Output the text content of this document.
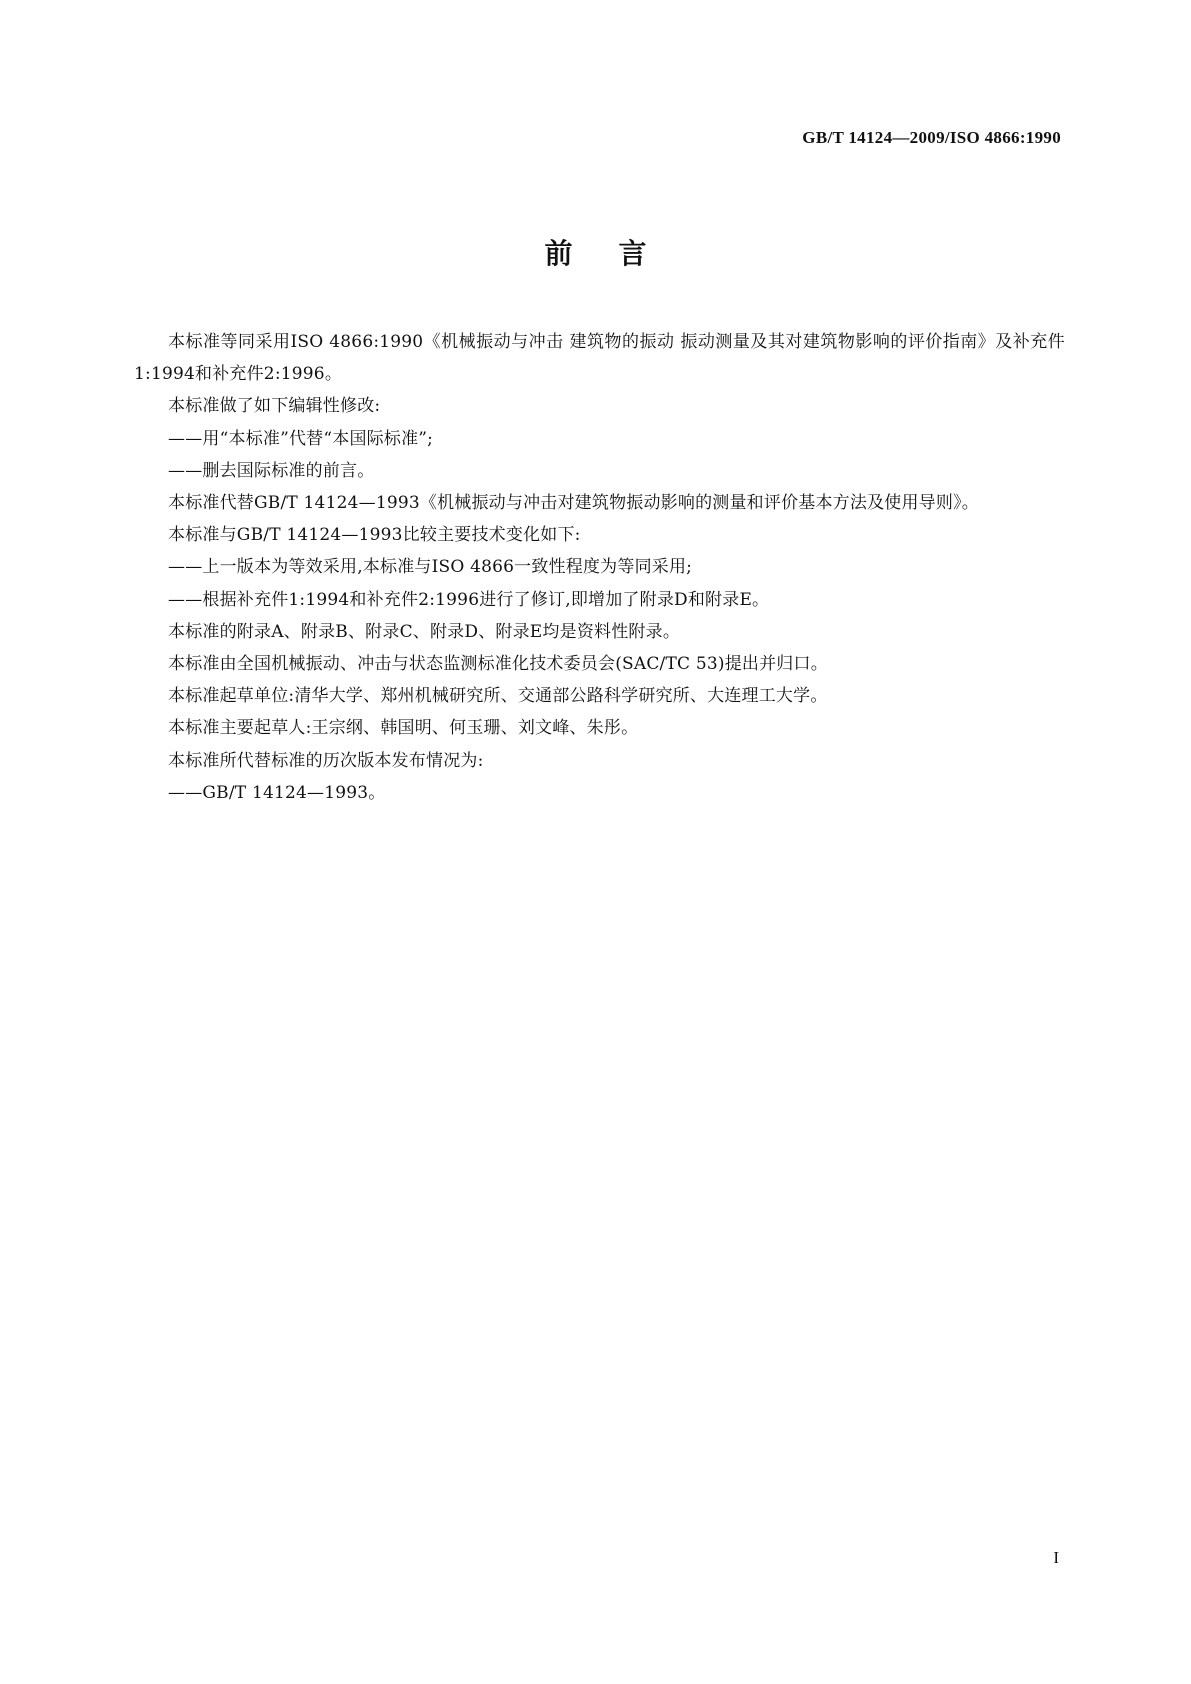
GB/T 14124—2009/ISO 4866:1990
前言

本标准等同采用ISO 4866:1990《机械振动与冲击 建筑物的振动 振动测量及其对建筑物影响的评价指南》及补充件1:1994和补充件2:1996。

本标准做了如下编辑性修改:

——用“本标准”代替“本国际标准”;

——删去国际标准的前言。

本标准代替GB/T 14124—1993《机械振动与冲击对建筑物振动影响的测量和评价基本方法及使用导则》。

本标准与GB/T 14124—1993比较主要技术变化如下:

——上一版本为等效采用,本标准与ISO 4866一致性程度为等同采用;

——根据补充件1:1994和补充件2:1996进行了修订,即增加了附录D和附录E。

本标准的附录A、附录B、附录C、附录D、附录E均是资料性附录。

本标准由全国机械振动、冲击与状态监测标准化技术委员会(SAC/TC 53)提出并归口。

本标准起草单位:清华大学、郑州机械研究所、交通部公路科学研究所、大连理工大学。

本标准主要起草人:王宗纲、韩国明、何玉珊、刘文峰、朱彤。

本标准所代替标准的历次版本发布情况为:

——GB/T 14124—1993。

I
